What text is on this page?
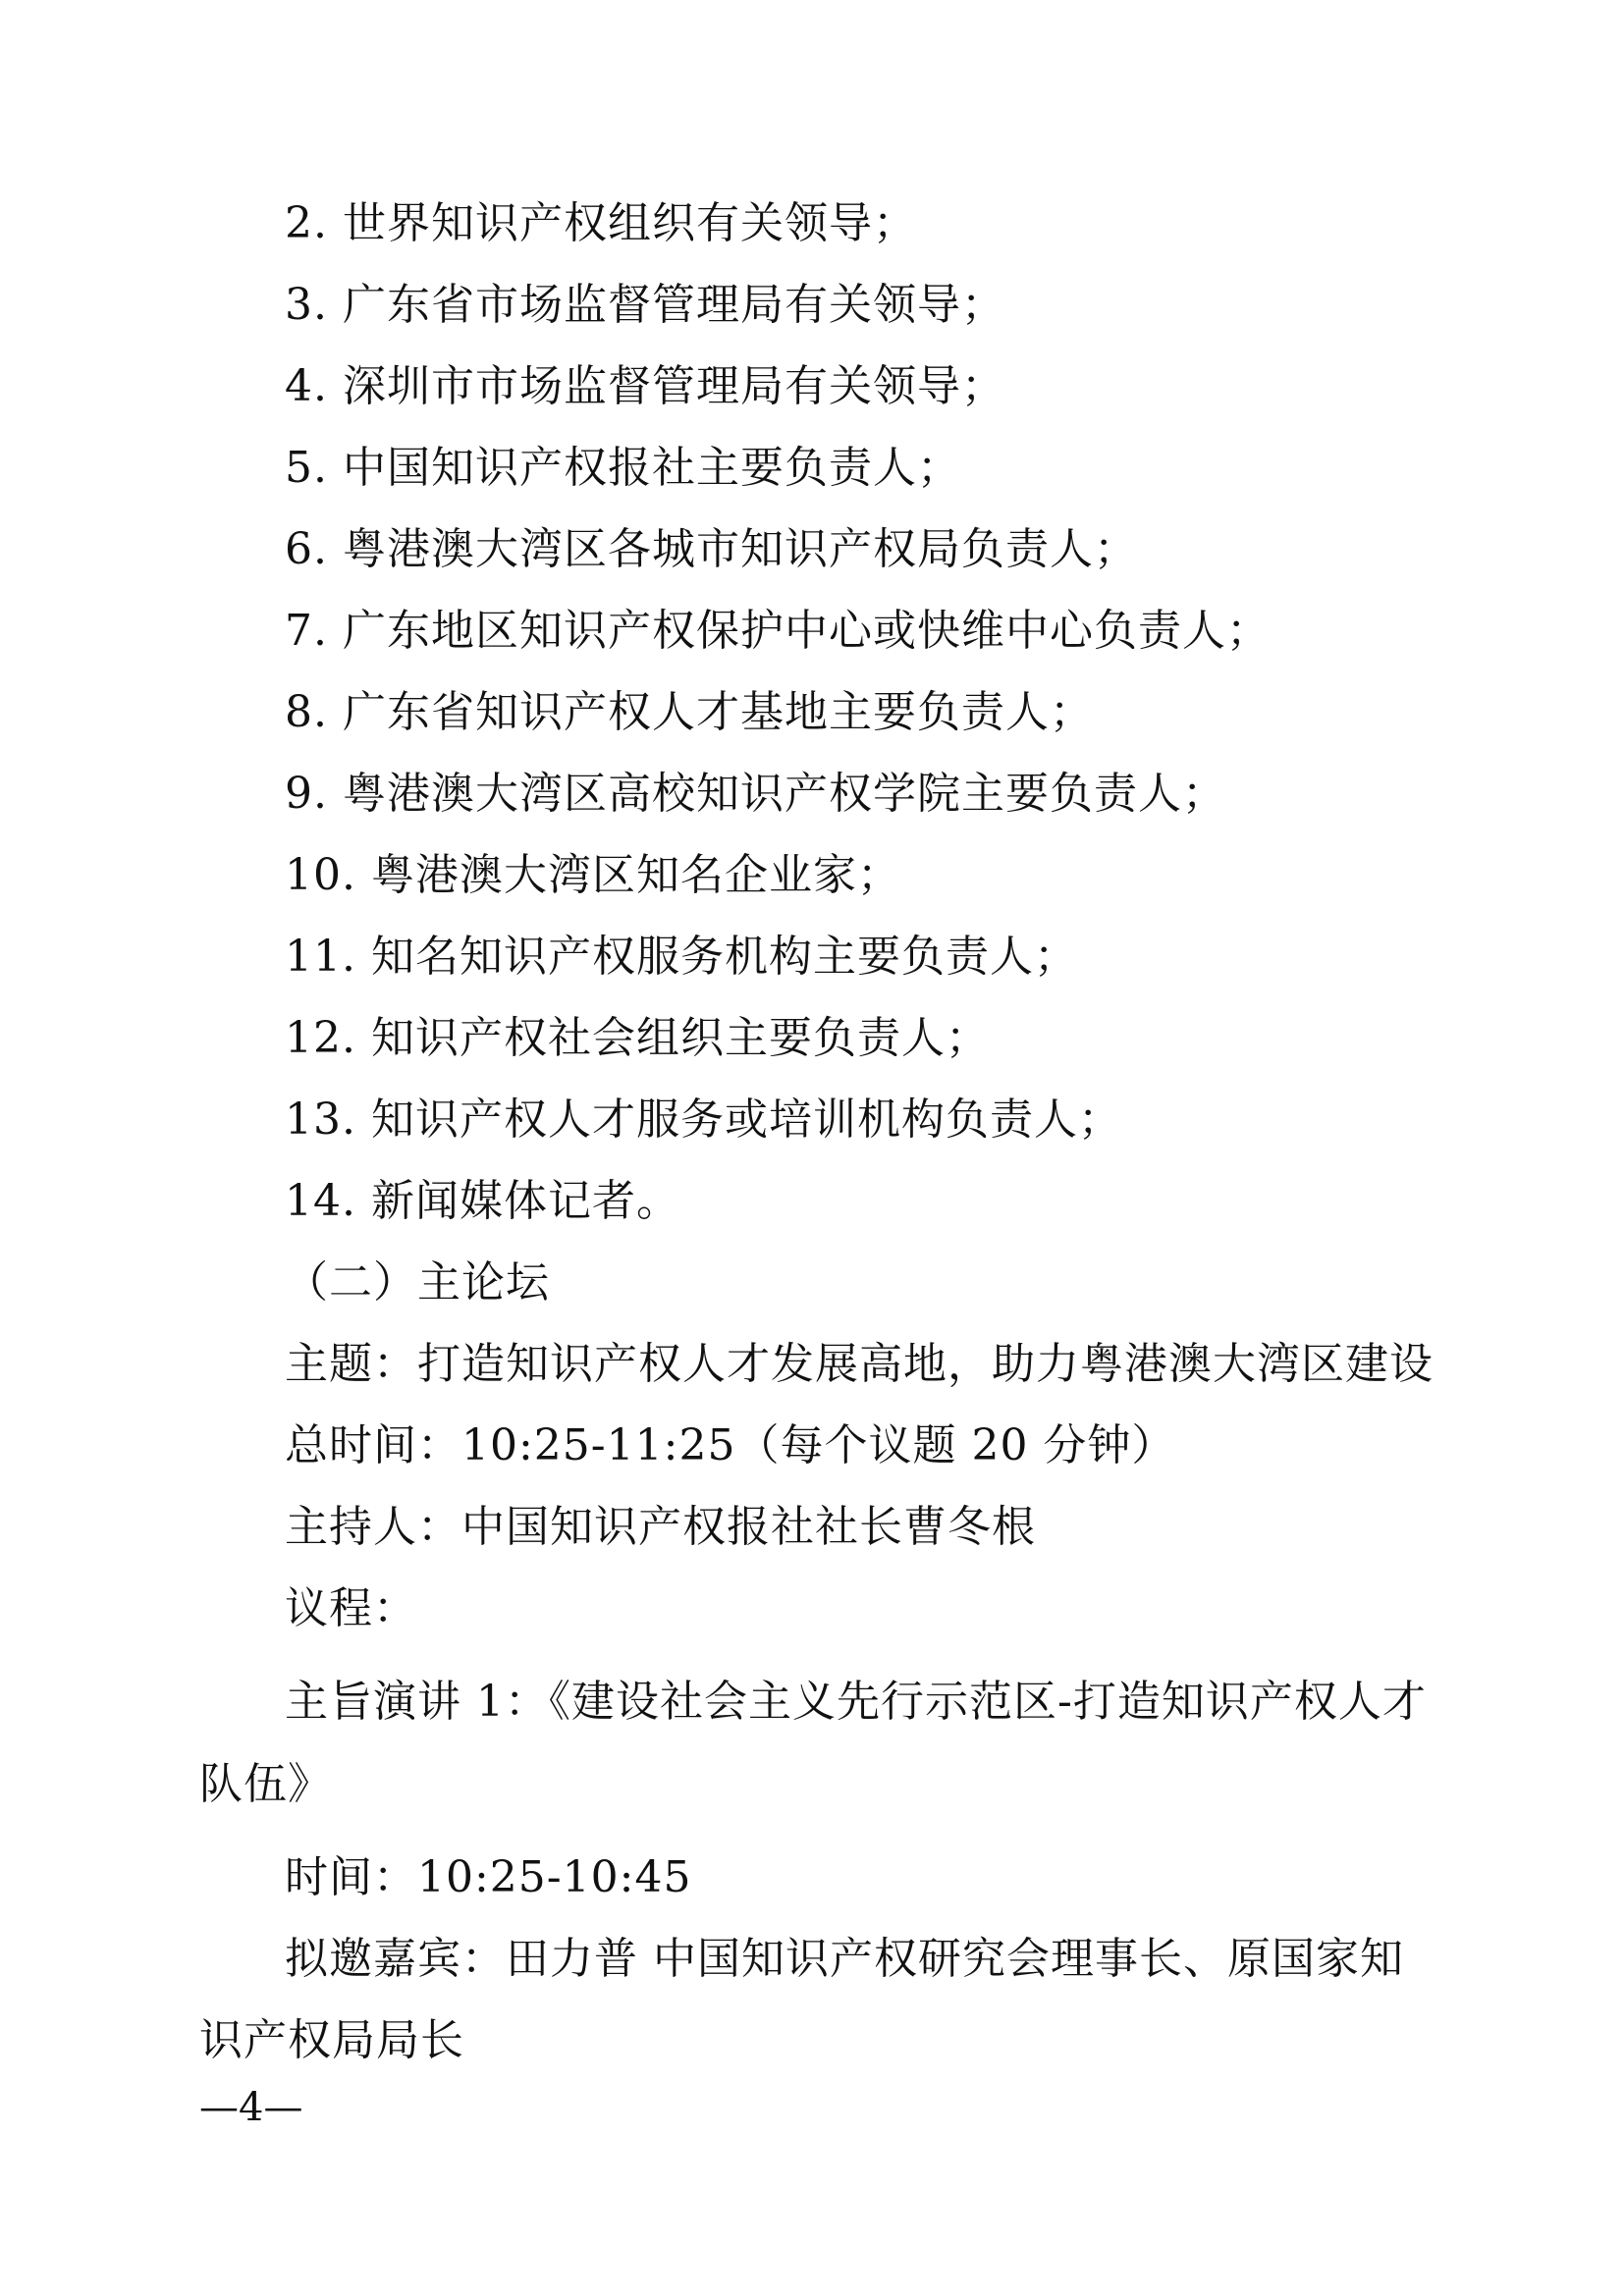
2. 世界知识产权组织有关领导；
3. 广东省市场监督管理局有关领导；
4. 深圳市市场监督管理局有关领导；
5. 中国知识产权报社主要负责人；
6. 粤港澳大湾区各城市知识产权局负责人；
7. 广东地区知识产权保护中心或快维中心负责人；
8. 广东省知识产权人才基地主要负责人；
9. 粤港澳大湾区高校知识产权学院主要负责人；
10. 粤港澳大湾区知名企业家；
11. 知名知识产权服务机构主要负责人；
12. 知识产权社会组织主要负责人；
13. 知识产权人才服务或培训机构负责人；
14. 新闻媒体记者。
（二）主论坛
主题：打造知识产权人才发展高地，助力粤港澳大湾区建设
总时间：10:25-11:25（每个议题 20 分钟）
主持人：中国知识产权报社社长曹冬根
议程：
主旨演讲 1：《建设社会主义先行示范区-打造知识产权人才
队伍》
时间：10:25-10:45
拟邀嘉宾：田力普 中国知识产权研究会理事长、原国家知
识产权局局长
—4—
